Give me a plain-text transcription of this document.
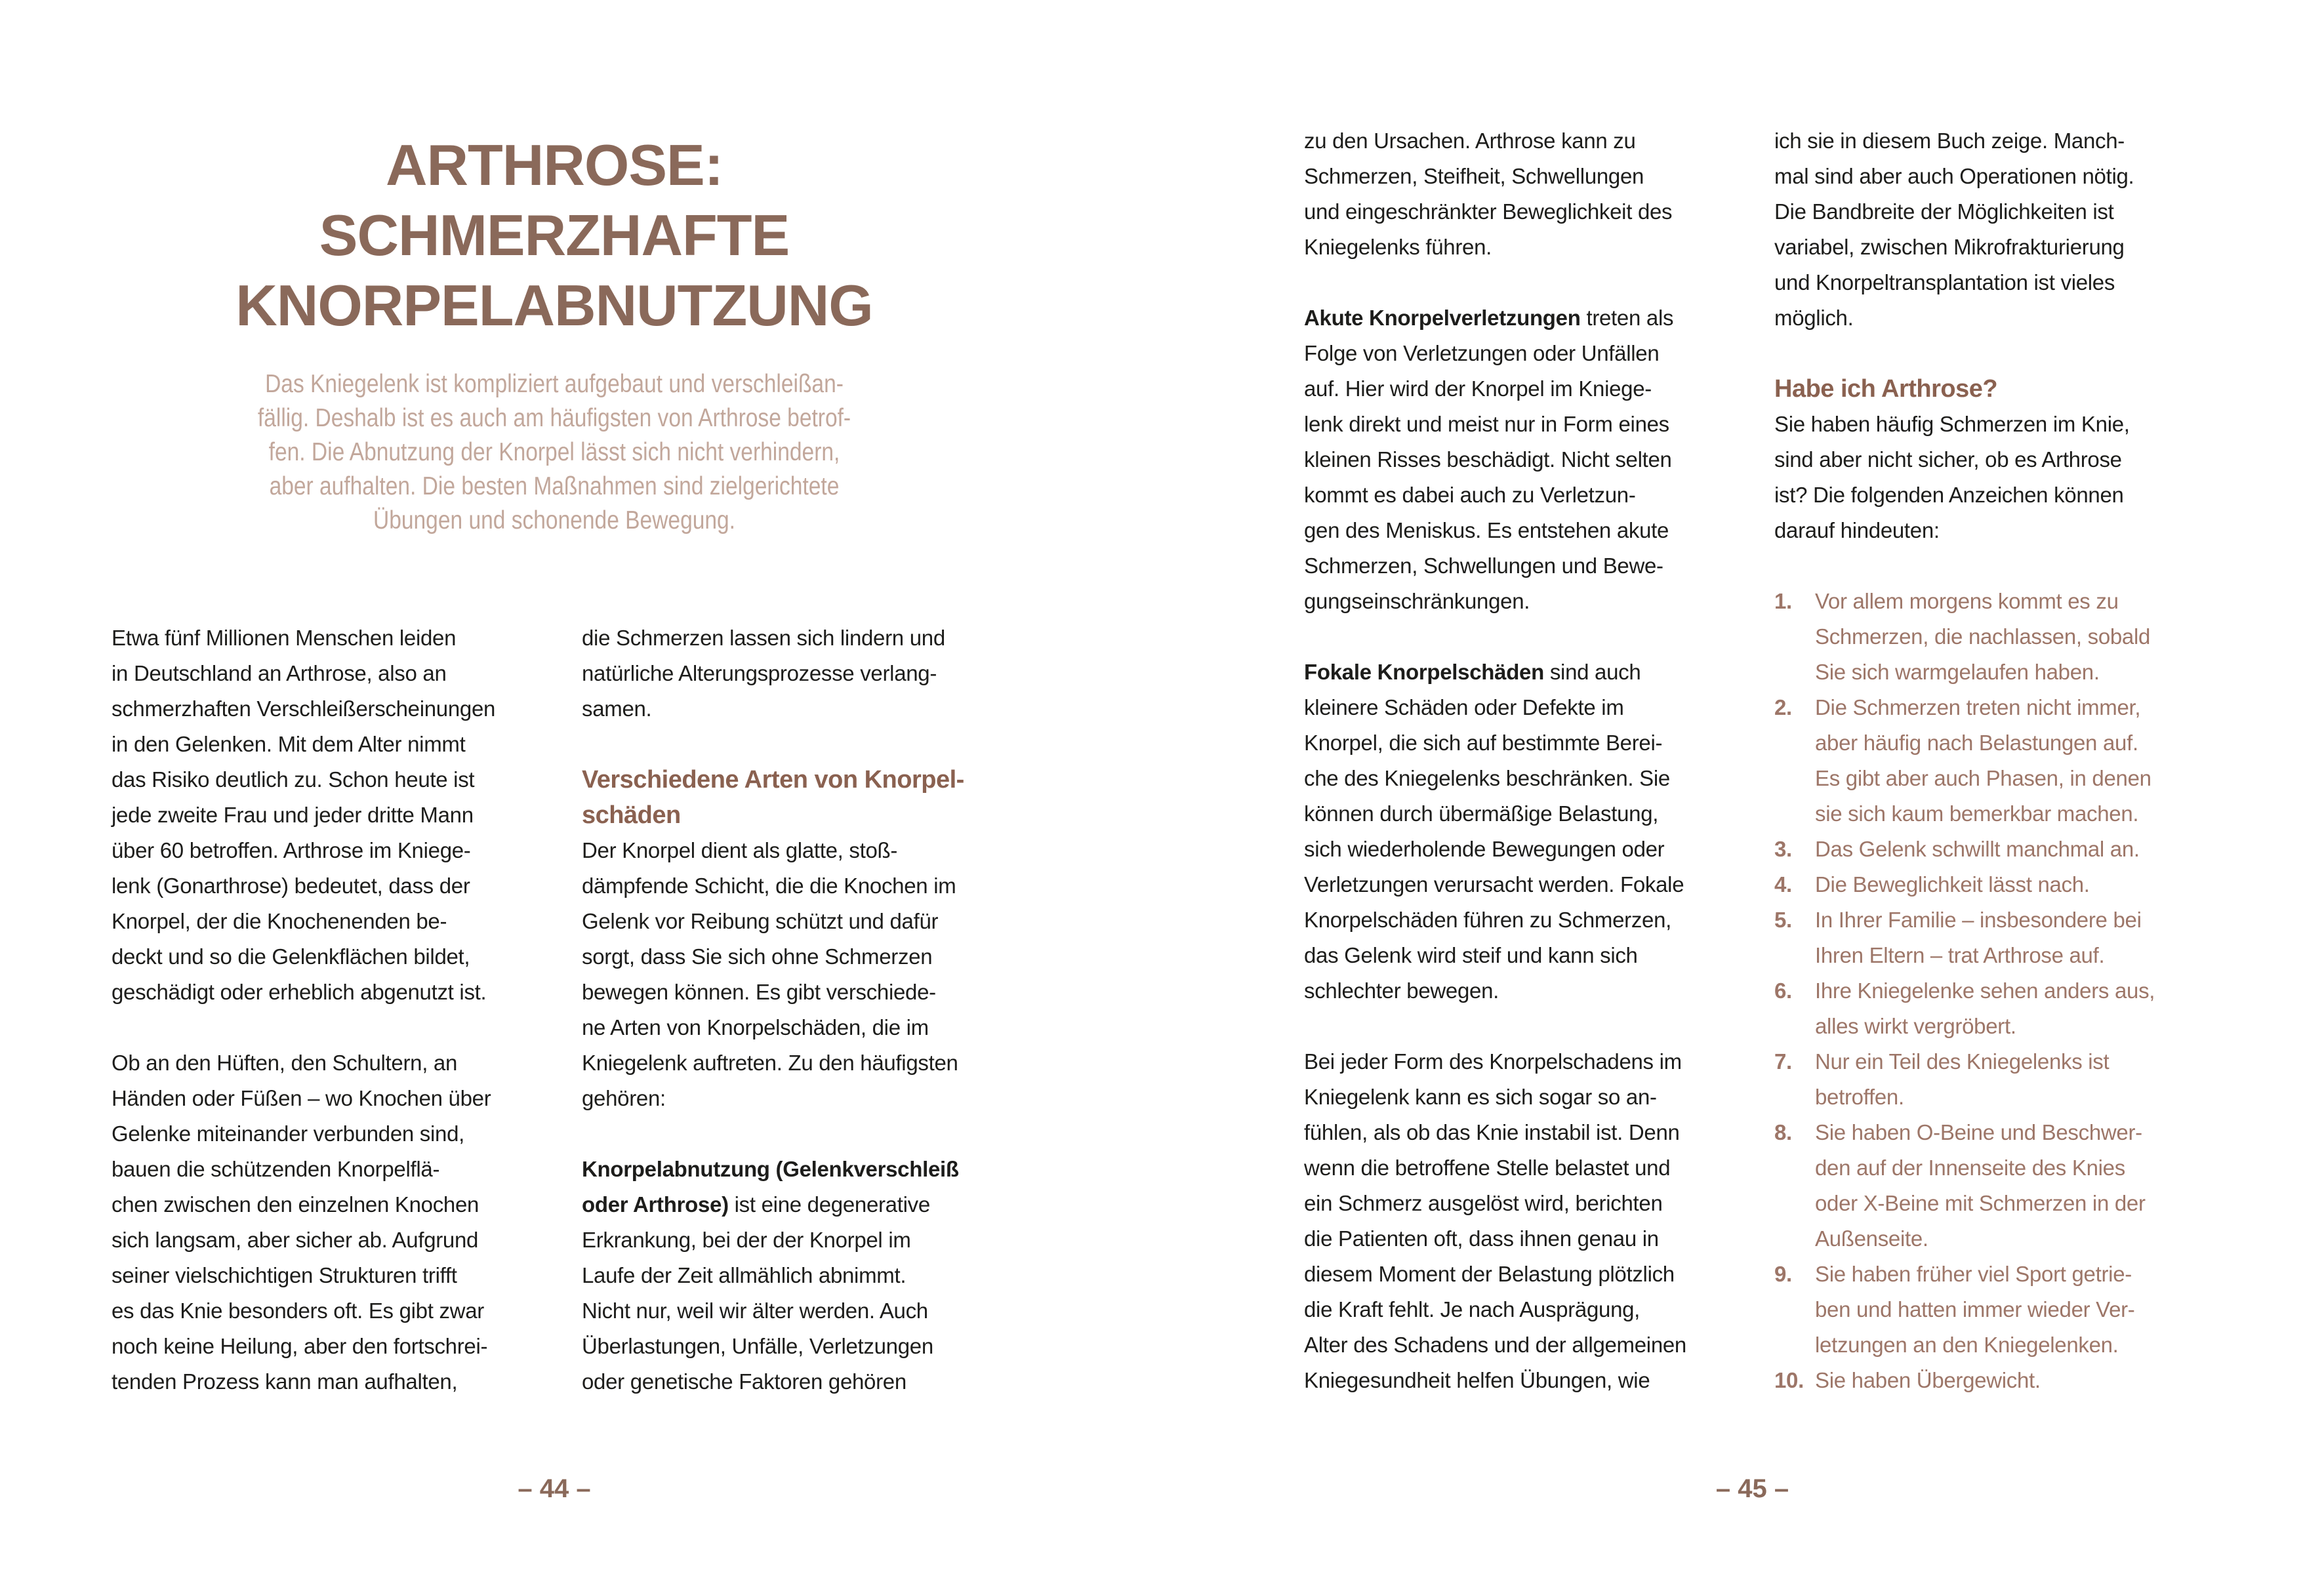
ARTHROSE:
SCHMERZHAFTE
KNORPELABNUTZUNG
Das Kniegelenk ist kompliziert aufgebaut und verschleißan-
fällig. Deshalb ist es auch am häufigsten von Arthrose betrof-
fen. Die Abnutzung der Knorpel lässt sich nicht verhindern,
aber aufhalten. Die besten Maßnahmen sind zielgerichtete
Übungen und schonende Bewegung.
Etwa fünf Millionen Menschen leiden
in Deutschland an Arthrose, also an
schmerzhaften Verschleißerscheinungen
in den Gelenken. Mit dem Alter nimmt
das Risiko deutlich zu. Schon heute ist
jede zweite Frau und jeder dritte Mann
über 60 betroffen. Arthrose im Kniege-
lenk (Gonarthrose) bedeutet, dass der
Knorpel, der die Knochenenden be-
deckt und so die Gelenkflächen bildet,
geschädigt oder erheblich abgenutzt ist.
Ob an den Hüften, den Schultern, an
Händen oder Füßen – wo Knochen über
Gelenke miteinander verbunden sind,
bauen die schützenden Knorpelflä-
chen zwischen den einzelnen Knochen
sich langsam, aber sicher ab. Aufgrund
seiner vielschichtigen Strukturen trifft
es das Knie besonders oft. Es gibt zwar
noch keine Heilung, aber den fortschrei-
tenden Prozess kann man aufhalten,
die Schmerzen lassen sich lindern und
natürliche Alterungsprozesse verlang-
samen.
Verschiedene Arten von Knorpel-
schäden
Der Knorpel dient als glatte, stoß-
dämpfende Schicht, die die Knochen im
Gelenk vor Reibung schützt und dafür
sorgt, dass Sie sich ohne Schmerzen
bewegen können. Es gibt verschiede-
ne Arten von Knorpelschäden, die im
Kniegelenk auftreten. Zu den häufigsten
gehören:
Knorpelabnutzung (Gelenkverschleiß
oder Arthrose) ist eine degenerative
Erkrankung, bei der der Knorpel im
Laufe der Zeit allmählich abnimmt.
Nicht nur, weil wir älter werden. Auch
Überlastungen, Unfälle, Verletzungen
oder genetische Faktoren gehören
– 44 –
zu den Ursachen. Arthrose kann zu
Schmerzen, Steifheit, Schwellungen
und eingeschränkter Beweglichkeit des
Kniegelenks führen.
Akute Knorpelverletzungen treten als
Folge von Verletzungen oder Unfällen
auf. Hier wird der Knorpel im Kniege-
lenk direkt und meist nur in Form eines
kleinen Risses beschädigt. Nicht selten
kommt es dabei auch zu Verletzun-
gen des Meniskus. Es entstehen akute
Schmerzen, Schwellungen und Bewe-
gungseinschränkungen.
Fokale Knorpelschäden sind auch
kleinere Schäden oder Defekte im
Knorpel, die sich auf bestimmte Berei-
che des Kniegelenks beschränken. Sie
können durch übermäßige Belastung,
sich wiederholende Bewegungen oder
Verletzungen verursacht werden. Fokale
Knorpelschäden führen zu Schmerzen,
das Gelenk wird steif und kann sich
schlechter bewegen.
Bei jeder Form des Knorpelschadens im
Kniegelenk kann es sich sogar so an-
fühlen, als ob das Knie instabil ist. Denn
wenn die betroffene Stelle belastet und
ein Schmerz ausgelöst wird, berichten
die Patienten oft, dass ihnen genau in
diesem Moment der Belastung plötzlich
die Kraft fehlt. Je nach Ausprägung,
Alter des Schadens und der allgemeinen
Kniegesundheit helfen Übungen, wie
ich sie in diesem Buch zeige. Manch-
mal sind aber auch Operationen nötig.
Die Bandbreite der Möglichkeiten ist
variabel, zwischen Mikrofrakturierung
und Knorpeltransplantation ist vieles
möglich.
Habe ich Arthrose?
Sie haben häufig Schmerzen im Knie,
sind aber nicht sicher, ob es Arthrose
ist? Die folgenden Anzeichen können
darauf hindeuten:
1. Vor allem morgens kommt es zu
Schmerzen, die nachlassen, sobald
Sie sich warmgelaufen haben.
2. Die Schmerzen treten nicht immer,
aber häufig nach Belastungen auf.
Es gibt aber auch Phasen, in denen
sie sich kaum bemerkbar machen.
3. Das Gelenk schwillt manchmal an.
4. Die Beweglichkeit lässt nach.
5. In Ihrer Familie – insbesondere bei
Ihren Eltern – trat Arthrose auf.
6. Ihre Kniegelenke sehen anders aus,
alles wirkt vergröbert.
7. Nur ein Teil des Kniegelenks ist
betroffen.
8. Sie haben O-Beine und Beschwer-
den auf der Innenseite des Knies
oder X-Beine mit Schmerzen in der
Außenseite.
9. Sie haben früher viel Sport getrie-
ben und hatten immer wieder Ver-
letzungen an den Kniegelenken.
10. Sie haben Übergewicht.
– 45 –
